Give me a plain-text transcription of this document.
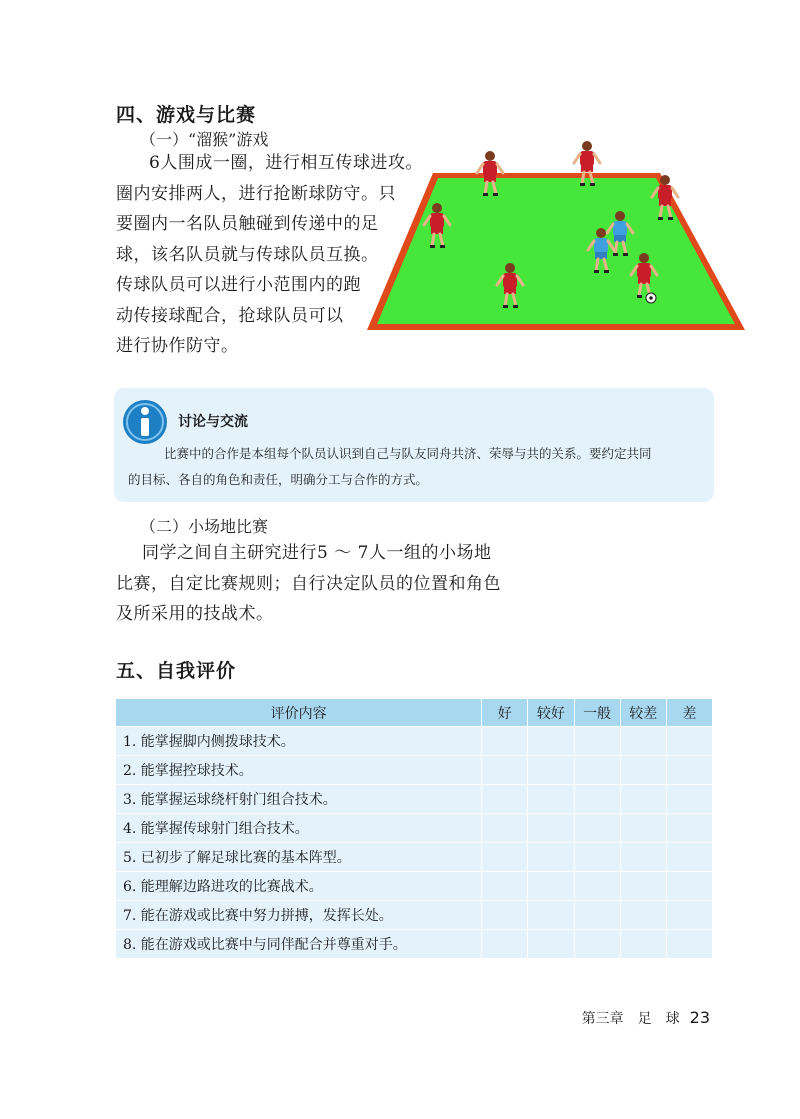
四、游戏与比赛
（一）“溜猴”游戏
6人围成一圈，进行相互传球进攻。
圈内安排两人，进行抢断球防守。只
要圈内一名队员触碰到传递中的足
球，该名队员就与传球队员互换。
传球队员可以进行小范围内的跑
动传接球配合，抢球队员可以
进行协作防守。
讨论与交流
比赛中的合作是本组每个队员认识到自己与队友同舟共济、荣辱与共的关系。要约定共同
的目标、各自的角色和责任，明确分工与合作的方式。
（二）小场地比赛
同学之间自主研究进行5 ～ 7人一组的小场地
比赛，自定比赛规则；自行决定队员的位置和角色
及所采用的技战术。
五、自我评价
评价内容	好	较好	一般	较差	差
1. 能掌握脚内侧拨球技术。					
2. 能掌握控球技术。					
3. 能掌握运球绕杆射门组合技术。					
4. 能掌握传球射门组合技术。					
5. 已初步了解足球比赛的基本阵型。					
6. 能理解边路进攻的比赛战术。					
7. 能在游戏或比赛中努力拼搏，发挥长处。					
8. 能在游戏或比赛中与同伴配合并尊重对手。					
第三章　足　球 23
